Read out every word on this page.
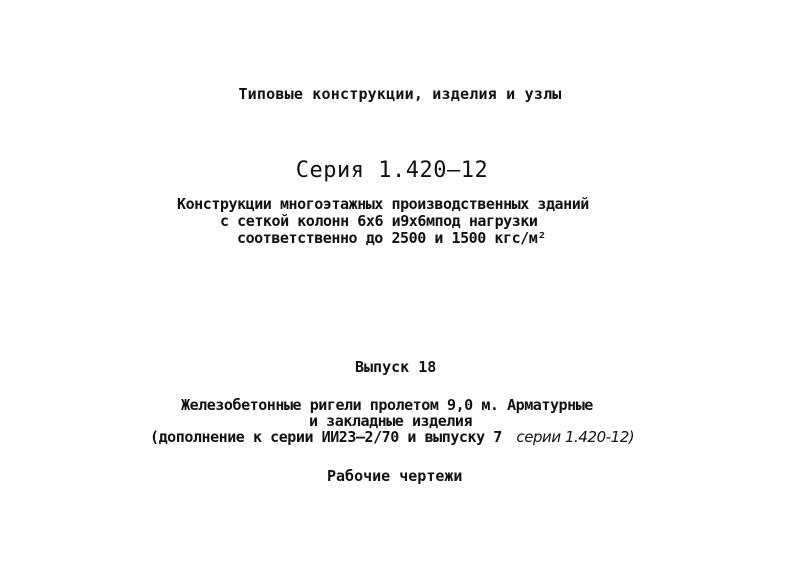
Типовые конструкции, изделия и узлы

Серия 1.420–12

Конструкции многоэтажных производственных зданий

с сеткой колонн 6х6 и9х6мпод нагрузки

соответственно до 2500 и 1500 кгс/м²

Выпуск 18

Железобетонные ригели пролетом 9,0 м. Арматурные

и закладные изделия

(дополнение к серии ИИ23–2/70 и выпуску 7 серии 1.420-12)

Рабочие чертежи
